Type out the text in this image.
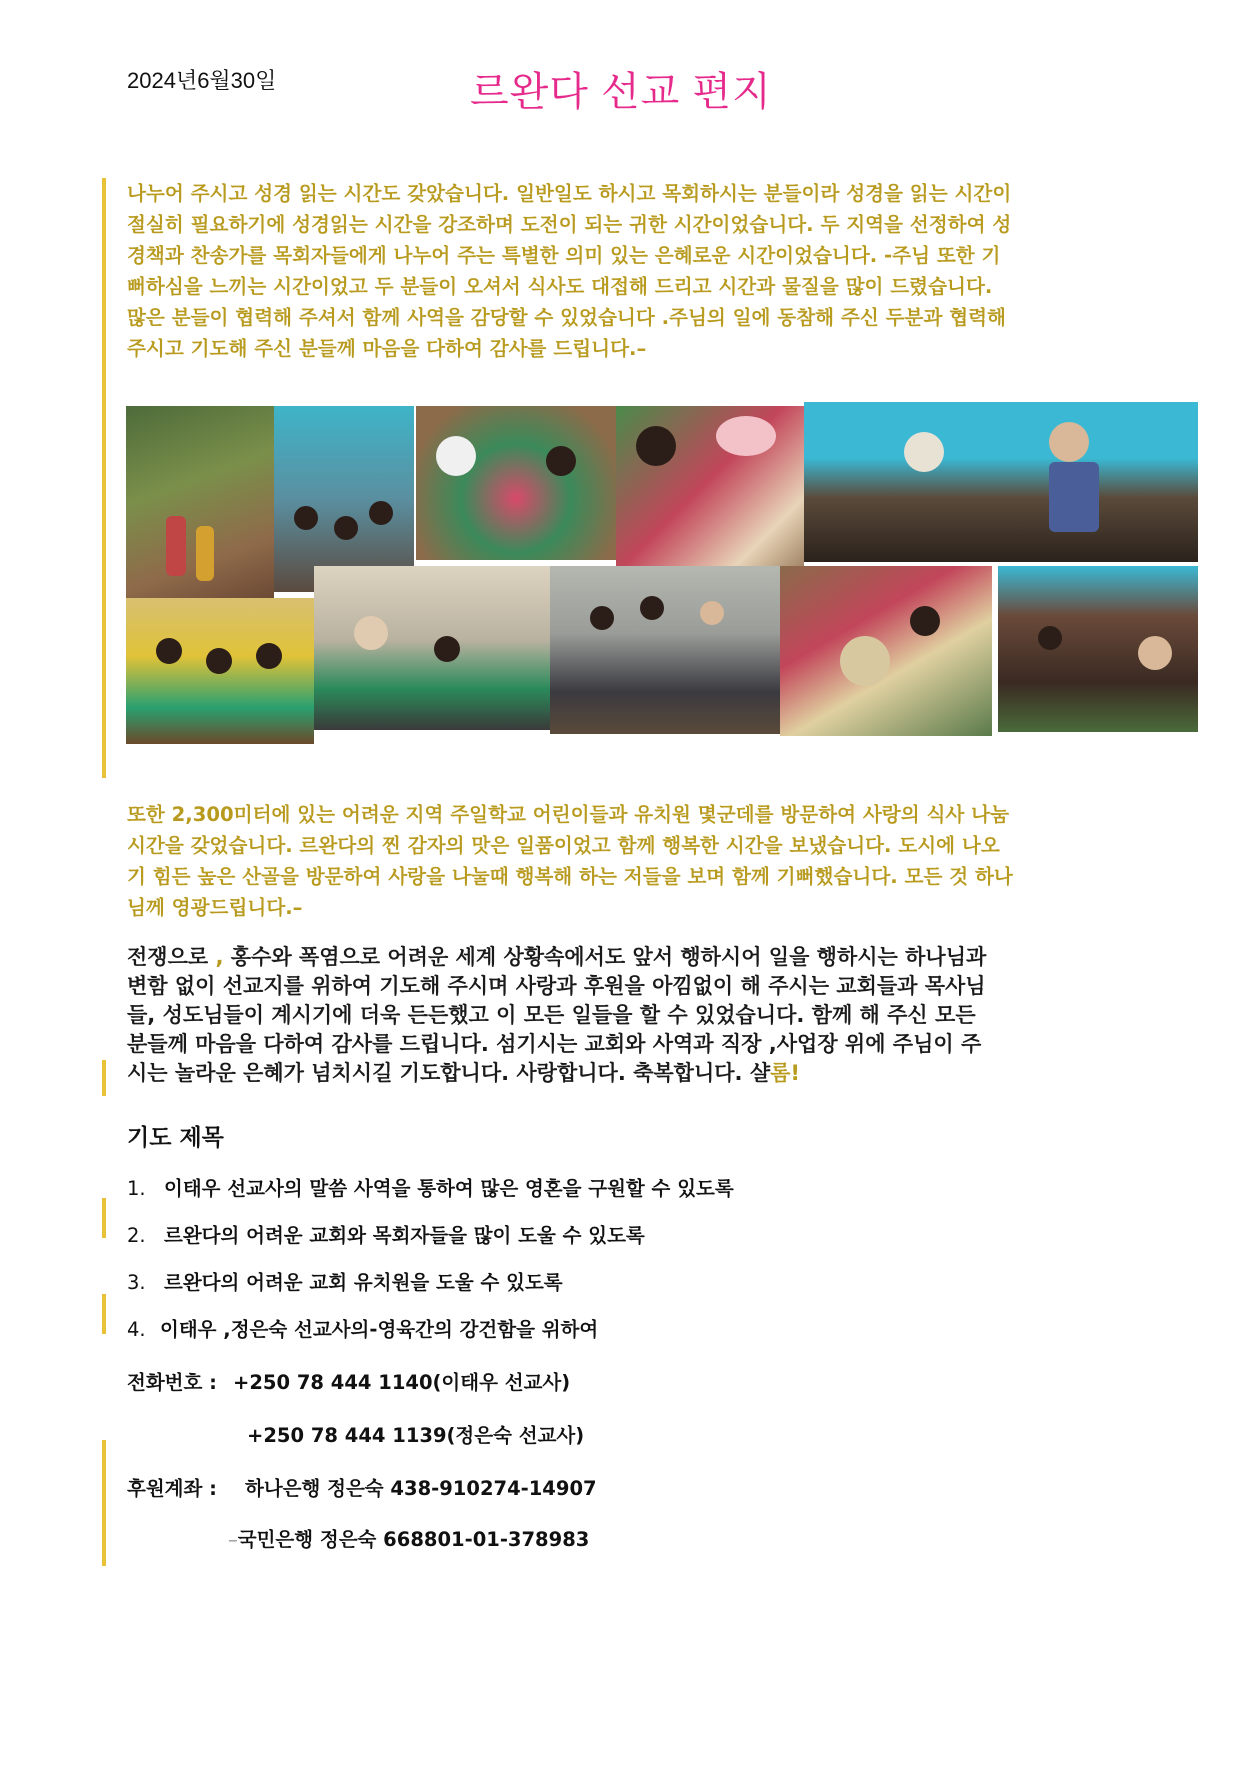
2024년6월30일	르완다 선교 편지
나누어 주시고 성경 읽는 시간도 갖았습니다. 일반일도 하시고 목회하시는 분들이라 성경을 읽는 시간이
절실히 필요하기에 성경읽는 시간을 강조하며 도전이 되는 귀한 시간이었습니다. 두 지역을 선정하여 성
경책과 찬송가를 목회자들에게 나누어 주는 특별한 의미 있는 은혜로운 시간이었습니다. -주님 또한 기
뻐하심을 느끼는 시간이었고 두 분들이 오셔서 식사도 대접해 드리고 시간과 물질을 많이 드렸습니다.
많은 분들이 협력해 주셔서 함께 사역을 감당할 수 있었습니다 .주님의 일에 동참해 주신 두분과 협력해
주시고 기도해 주신 분들께 마음을 다하여 감사를 드립니다.–
또한 2,300미터에 있는 어려운 지역 주일학교 어린이들과 유치원 몇군데를 방문하여 사랑의 식사 나눔
시간을 갖었습니다. 르완다의 찐 감자의 맛은 일품이었고 함께 행복한 시간을 보냈습니다. 도시에 나오
기 힘든 높은 산골을 방문하여 사랑을 나눌때 행복해 하는 저들을 보며 함께 기뻐했습니다. 모든 것 하나
님께 영광드립니다.–
전쟁으로 , 홍수와 폭염으로 어려운 세계 상황속에서도 앞서 행하시어 일을 행하시는 하나님과
변함 없이 선교지를 위하여 기도해 주시며 사랑과 후원을 아낌없이 해 주시는 교회들과 목사님
들, 성도님들이 계시기에 더욱 든든했고 이 모든 일들을 할 수 있었습니다. 함께 해 주신 모든
분들께 마음을 다하여 감사를 드립니다. 섬기시는 교회와 사역과 직장 ,사업장 위에 주님이 주
시는 놀라운 은혜가 넘치시길 기도합니다. 사랑합니다. 축복합니다. 샬롬!
기도 제목
1. 이태우 선교사의 말씀 사역을 통하여 많은 영혼을 구원할 수 있도록
2. 르완다의 어려운 교회와 목회자들을 많이 도울 수 있도록
3. 르완다의 어려운 교회 유치원을 도울 수 있도록
4. 이태우 ,정은숙 선교사의-영육간의 강건함을 위하여
전화번호 : +250 78 444 1140(이태우 선교사)
+250 78 444 1139(정은숙 선교사)
후원계좌 : 하나은행 정은숙 438-910274-14907
–국민은행 정은숙 668801-01-378983
